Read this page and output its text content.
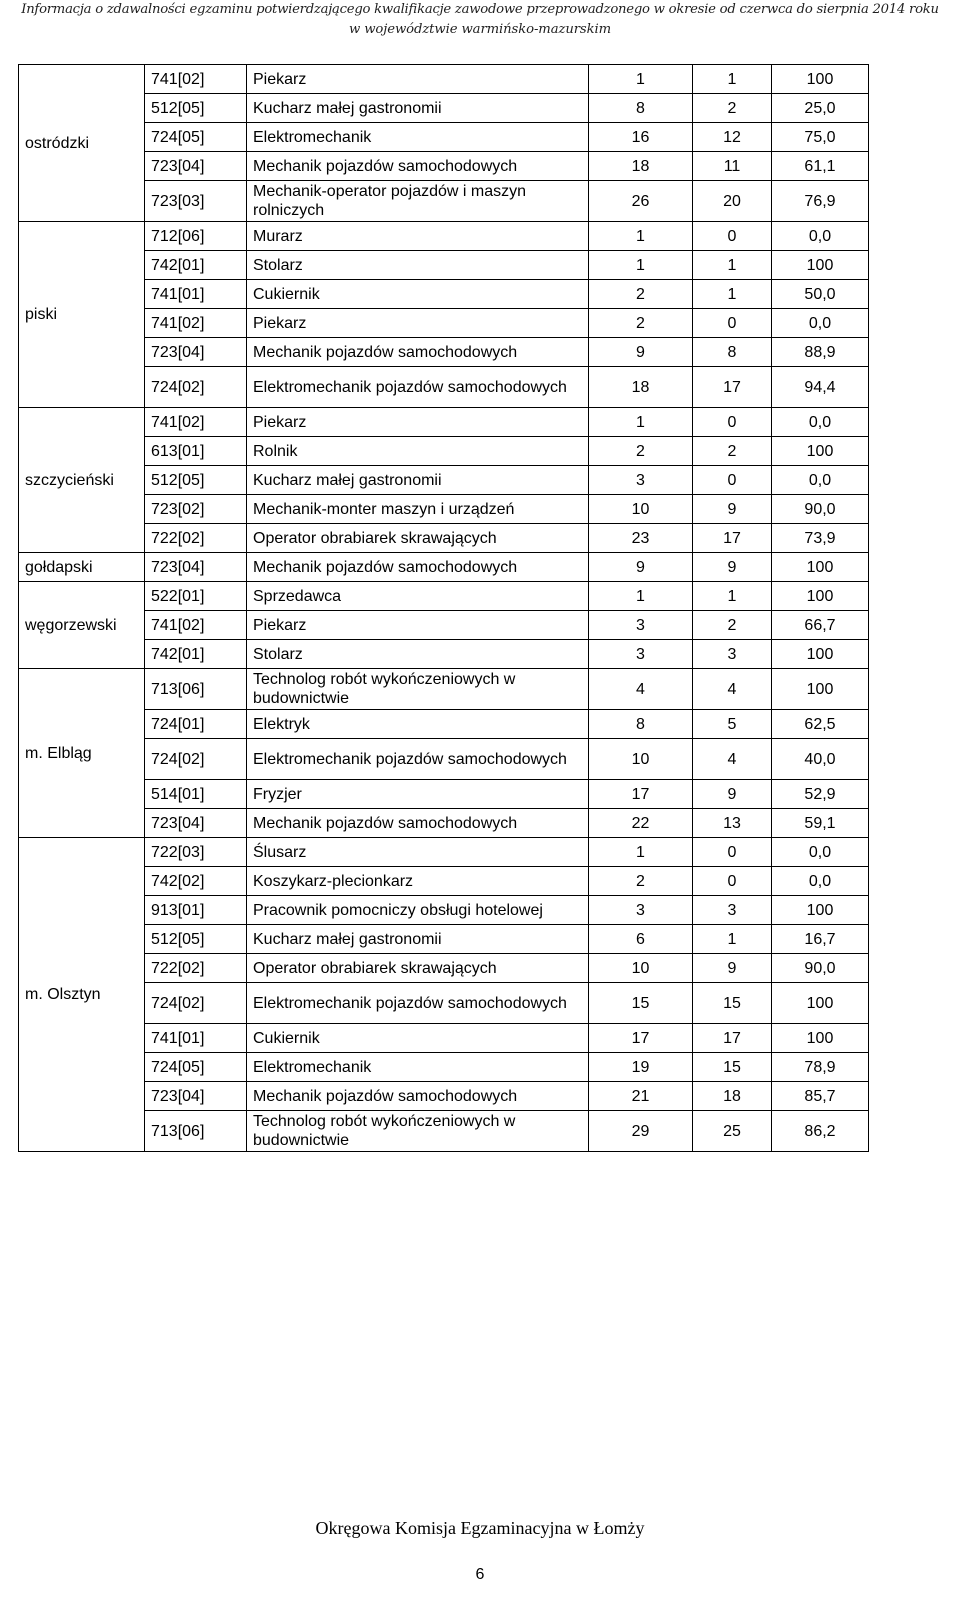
Informacja o zdawalności egzaminu potwierdzającego kwalifikacje zawodowe przeprowadzonego w okresie od czerwca do sierpnia 2014 roku
w województwie warmińsko-mazurskim
ostródzki	741[02]	Piekarz	1	1	100
	512[05]	Kucharz małej gastronomii	8	2	25,0
	724[05]	Elektromechanik	16	12	75,0
	723[04]	Mechanik pojazdów samochodowych	18	11	61,1
	723[03]	Mechanik-operator pojazdów i maszyn rolniczych	26	20	76,9
piski	712[06]	Murarz	1	0	0,0
	742[01]	Stolarz	1	1	100
	741[01]	Cukiernik	2	1	50,0
	741[02]	Piekarz	2	0	0,0
	723[04]	Mechanik pojazdów samochodowych	9	8	88,9
	724[02]	Elektromechanik pojazdów samochodowych	18	17	94,4
szczycieński	741[02]	Piekarz	1	0	0,0
	613[01]	Rolnik	2	2	100
	512[05]	Kucharz małej gastronomii	3	0	0,0
	723[02]	Mechanik-monter maszyn i urządzeń	10	9	90,0
	722[02]	Operator obrabiarek skrawających	23	17	73,9
gołdapski	723[04]	Mechanik pojazdów samochodowych	9	9	100
węgorzewski	522[01]	Sprzedawca	1	1	100
	741[02]	Piekarz	3	2	66,7
	742[01]	Stolarz	3	3	100
m. Elbląg	713[06]	Technolog robót wykończeniowych w budownictwie	4	4	100
	724[01]	Elektryk	8	5	62,5
	724[02]	Elektromechanik pojazdów samochodowych	10	4	40,0
	514[01]	Fryzjer	17	9	52,9
	723[04]	Mechanik pojazdów samochodowych	22	13	59,1
m. Olsztyn	722[03]	Ślusarz	1	0	0,0
	742[02]	Koszykarz-plecionkarz	2	0	0,0
	913[01]	Pracownik pomocniczy obsługi hotelowej	3	3	100
	512[05]	Kucharz małej gastronomii	6	1	16,7
	722[02]	Operator obrabiarek skrawających	10	9	90,0
	724[02]	Elektromechanik pojazdów samochodowych	15	15	100
	741[01]	Cukiernik	17	17	100
	724[05]	Elektromechanik	19	15	78,9
	723[04]	Mechanik pojazdów samochodowych	21	18	85,7
	713[06]	Technolog robót wykończeniowych w budownictwie	29	25	86,2
Okręgowa Komisja Egzaminacyjna w Łomży
6
